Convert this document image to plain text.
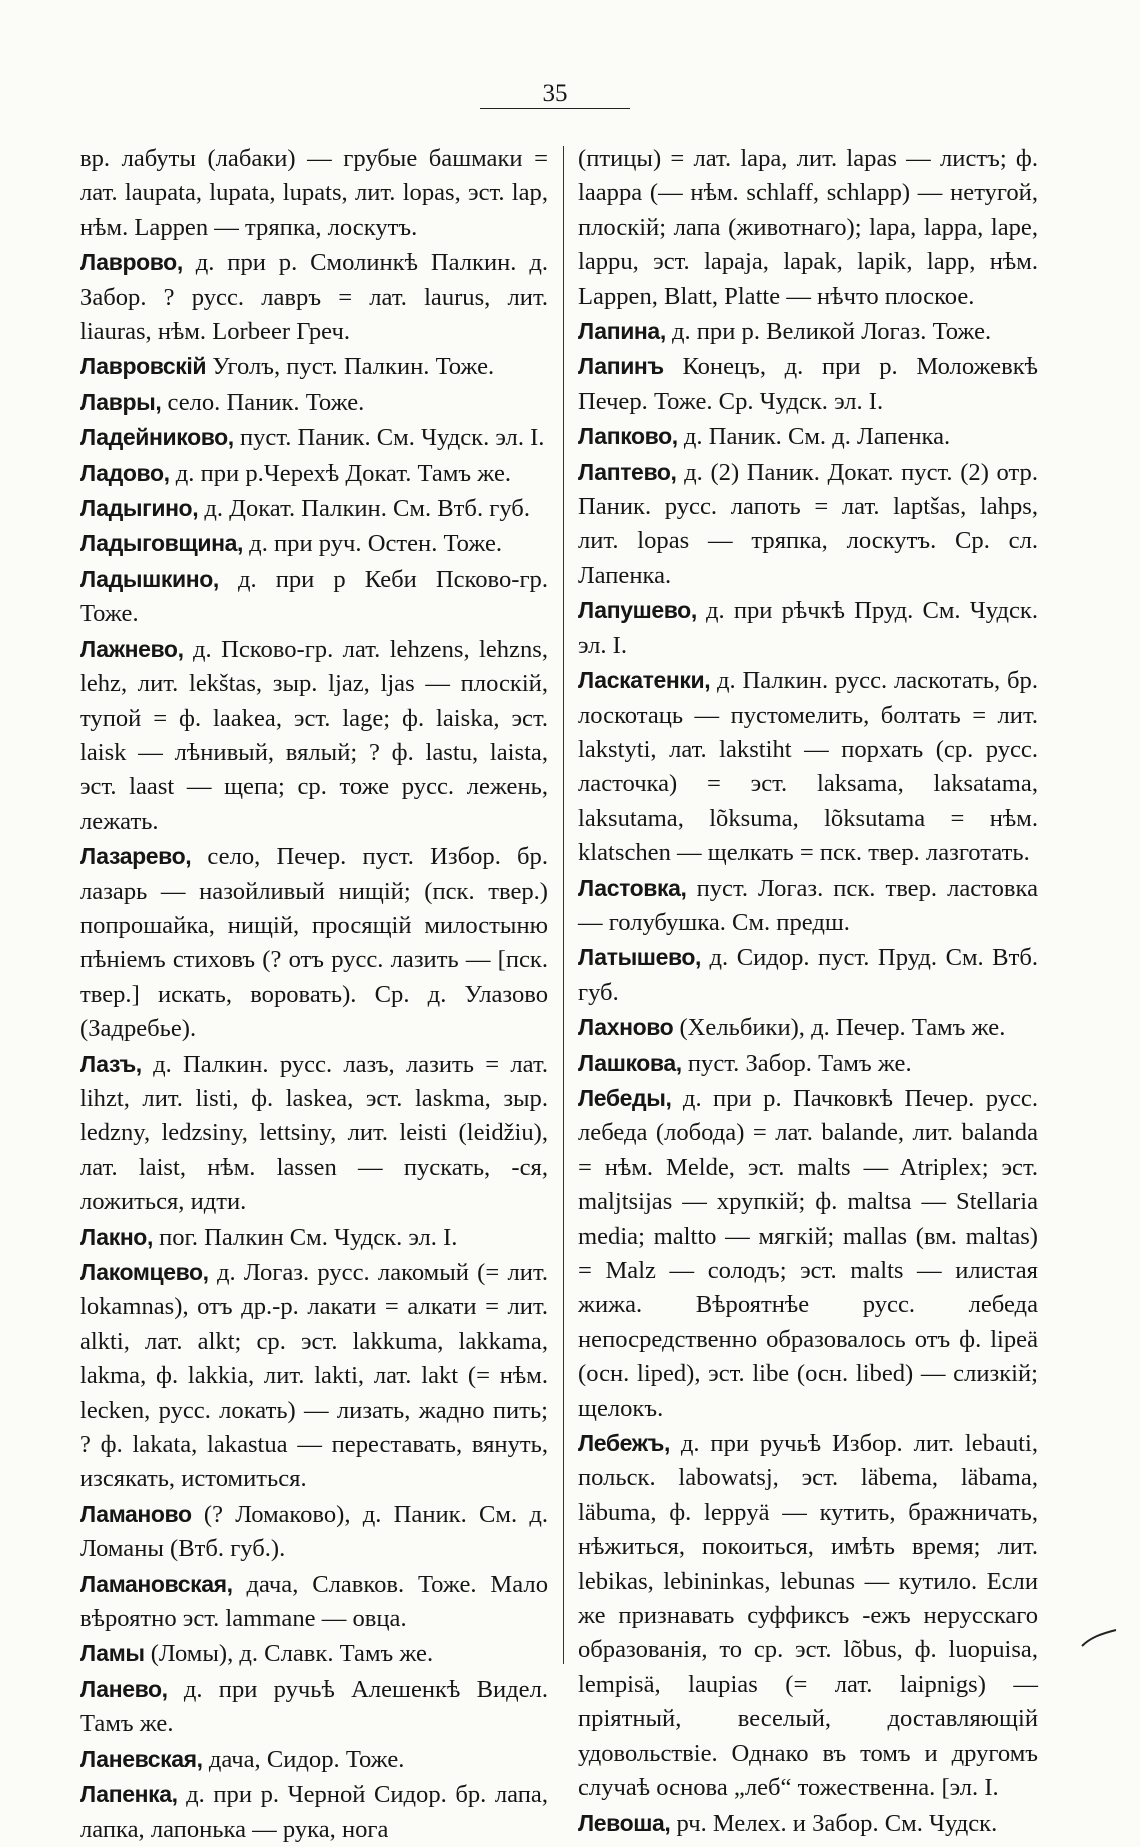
35

вр. лабуты (лабаки) — грубые башмаки = лат. laupata, lupata, lupats, лит. lopas, эст. lap, нѣм. Lappen — тряпка, лоскутъ.

Лаврово, д. при р. Смолинкѣ Палкин. д. Забор. ? русс. лавръ = лат. laurus, лит. liauras, нѣм. Lorbeer Греч.

Лавровскій Уголъ, пуст. Палкин. Тоже.

Лавры, село. Паник. Тоже.

Ладейниково, пуст. Паник. См. Чудск. эл. I.

Ладово, д. при р.Черехѣ Докат. Тамъ же.

Ладыгино, д. Докат. Палкин. См. Втб. губ.

Ладыговщина, д. при руч. Остен. Тоже.

Ладышкино, д. при р Кеби Псково-гр. Тоже.

Лажнево, д. Псково-гр. лат. lehzens, lehzns, lehz, лит. lekštas, зыр. ljaz, ljas — плоскій, тупой = ф. laakea, эст. lage; ф. laiska, эст. laisk — лѣнивый, вялый; ? ф. lastu, laista, эст. laast — щепа; ср. тоже русс. лежень, лежать.

Лазарево, село, Печер. пуст. Избор. бр. лазарь — назойливый нищій; (пск. твер.) попрошайка, нищій, просящій милостыню пѣніемъ стиховъ (? отъ русс. лазить — [пск. твер.] искать, воровать). Ср. д. Улазово (Задребье).

Лазъ, д. Палкин. русс. лазъ, лазить = лат. lihzt, лит. listi, ф. laskea, эст. laskma, зыр. ledzny, ledzsiny, lettsiny, лит. leisti (leidžiu), лат. laist, нѣм. lassen — пускать, -ся, ложиться, идти.

Лакно, пог. Палкин См. Чудск. эл. I.

Лакомцево, д. Логаз. русс. лакомый (= лит. lokamnas), отъ др.-р. лакати = алкати = лит. alkti, лат. alkt; ср. эст. lakkuma, lakkama, lakma, ф. lakkia, лит. lakti, лат. lakt (= нѣм. lecken, русс. локать) — лизать, жадно пить; ? ф. lakata, lakastua — переставать, вянуть, изсякать, истомиться.

Ламаново (? Ломаково), д. Паник. См. д. Ломаны (Втб. губ.).

Ламановская, дача, Славков. Тоже. Мало вѣроятно эст. lammane — овца.

Ламы (Ломы), д. Славк. Тамъ же.

Ланево, д. при ручьѣ Алешенкѣ Видел. Тамъ же.

Ланевская, дача, Сидор. Тоже.

Лапенка, д. при р. Черной Сидор. бр. лапа, лапка, лапонька — рука, нога

(птицы) = лат. lapa, лит. lapas — листъ; ф. laappa (— нѣм. schlaff, schlapp) — нетугой, плоскій; лапа (животнаго); lapa, lappa, lape, lappu, эст. lapaja, lapak, lapik, lapp, нѣм. Lappen, Blatt, Platte — нѣчто плоское.

Лапина, д. при р. Великой Логаз. Тоже.

Лапинъ Конецъ, д. при р. Моложевкѣ Печер. Тоже. Ср. Чудск. эл. I.

Лапково, д. Паник. См. д. Лапенка.

Лаптево, д. (2) Паник. Докат. пуст. (2) отр. Паник. русс. лапоть = лат. laptšas, lahps, лит. lopas — тряпка, лоскутъ. Ср. сл. Лапенка.

Лапушево, д. при рѣчкѣ Пруд. См. Чудск. эл. I.

Ласкатенки, д. Палкин. русс. ласкотать, бр. лоскотаць — пустомелить, болтать = лит. lakstyti, лат. lakstiht — порхать (ср. русс. ласточка) = эст. laksama, laksatama, laksutama, lõksuma, lõksutama = нѣм. klatschen — щелкать = пск. твер. лазготать.

Ластовка, пуст. Логаз. пск. твер. ластовка — голубушка. См. предш.

Латышево, д. Сидор. пуст. Пруд. См. Втб. губ.

Лахново (Хельбики), д. Печер. Тамъ же.

Лашкова, пуст. Забор. Тамъ же.

Лебеды, д. при р. Пачковкѣ Печер. русс. лебеда (лобода) = лат. balande, лит. balanda = нѣм. Melde, эст. malts — Atriplex; эст. maljtsijas — хрупкій; ф. maltsa — Stellaria media; maltto — мягкій; mallas (вм. maltas) = Malz — солодъ; эст. malts — илистая жижа. Вѣроятнѣе русс. лебеда непосредственно образовалось отъ ф. lipeä (осн. liped), эст. libe (осн. libed) — слизкій; щелокъ.

Лебежъ, д. при ручьѣ Избор. лит. lebauti, польск. labowatsj, эст. läbema, läbama, läbuma, ф. leppyä — кутить, бражничать, нѣжиться, покоиться, имѣть время; лит. lebikas, lebininkas, lebunas — кутило. Если же признавать суффиксъ -ежъ нерусскаго образованія, то ср. эст. lõbus, ф. luopuisa, lempisä, laupias (= лат. laipnigs) — пріятный, веселый, доставляющій удовольствіе. Однако въ томъ и другомъ случаѣ основа „леб“ тожественна. [эл. I.

Левоша, рч. Мелех. и Забор. См. Чудск.
